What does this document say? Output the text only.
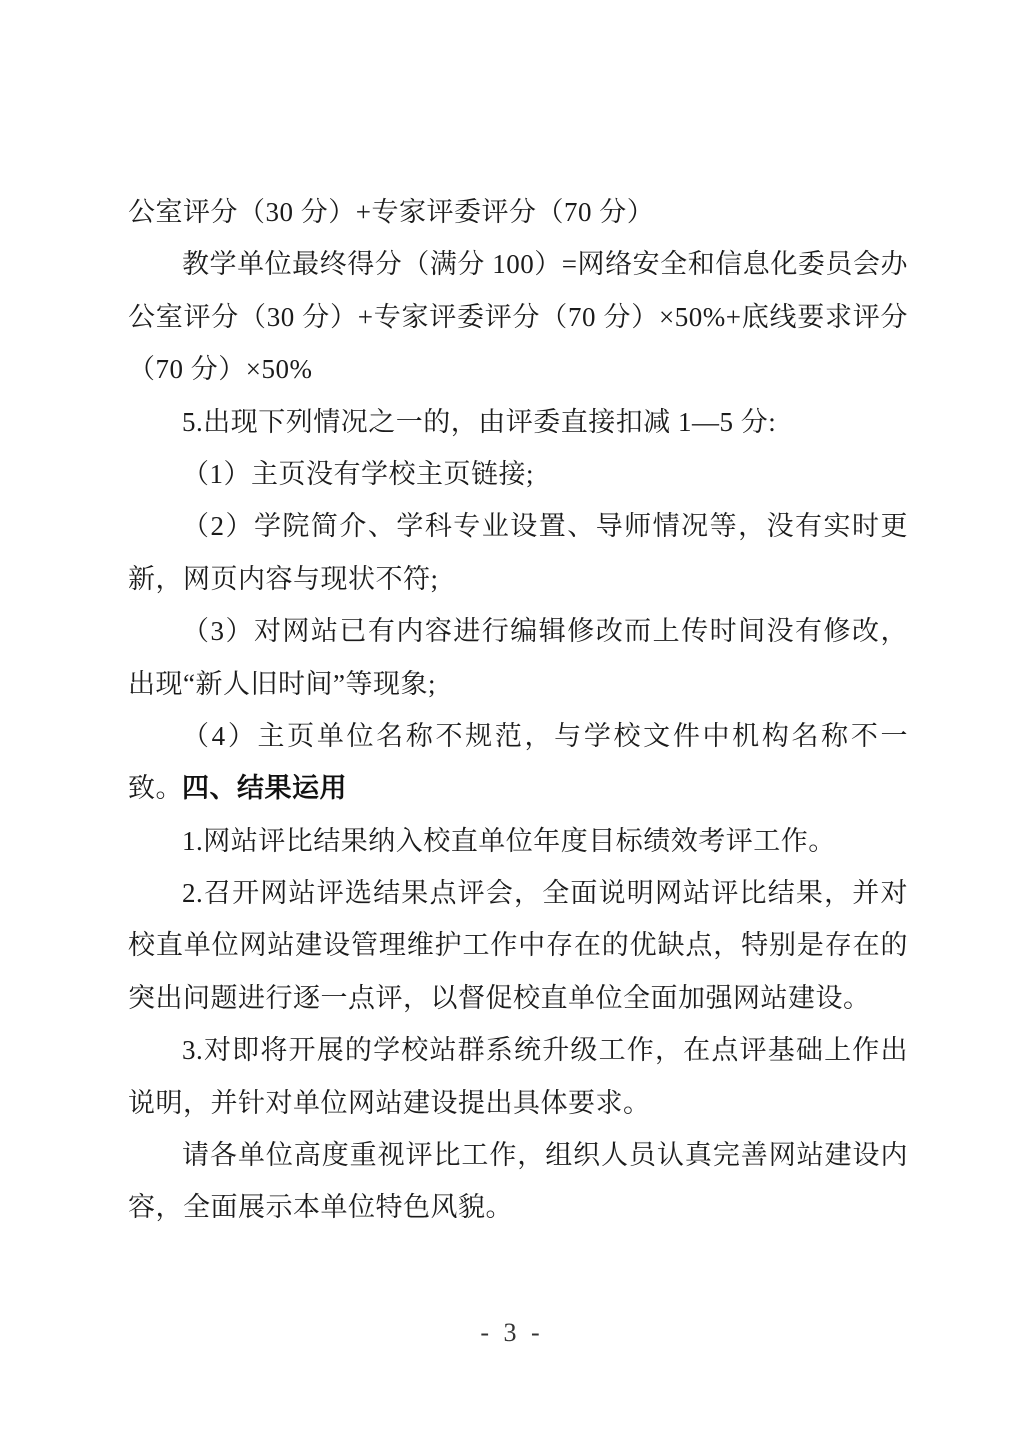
公室评分（30 分）+专家评委评分（70 分）
教学单位最终得分（满分 100）=网络安全和信息化委员会办
公室评分（30 分）+专家评委评分（70 分）×50%+底线要求评分
（70 分）×50%
5.出现下列情况之一的，由评委直接扣减 1—5 分:
（1）主页没有学校主页链接;
（2）学院简介、学科专业设置、导师情况等，没有实时更
新，网页内容与现状不符;
（3）对网站已有内容进行编辑修改而上传时间没有修改，
出现“新人旧时间”等现象;
（4）主页单位名称不规范，与学校文件中机构名称不一致。 四、结果运用
1.网站评比结果纳入校直单位年度目标绩效考评工作。
2.召开网站评选结果点评会，全面说明网站评比结果，并对
校直单位网站建设管理维护工作中存在的优缺点，特别是存在的
突出问题进行逐一点评，以督促校直单位全面加强网站建设。
3.对即将开展的学校站群系统升级工作，在点评基础上作出
说明，并针对单位网站建设提出具体要求。
请各单位高度重视评比工作，组织人员认真完善网站建设内
容，全面展示本单位特色风貌。
- 3 -
